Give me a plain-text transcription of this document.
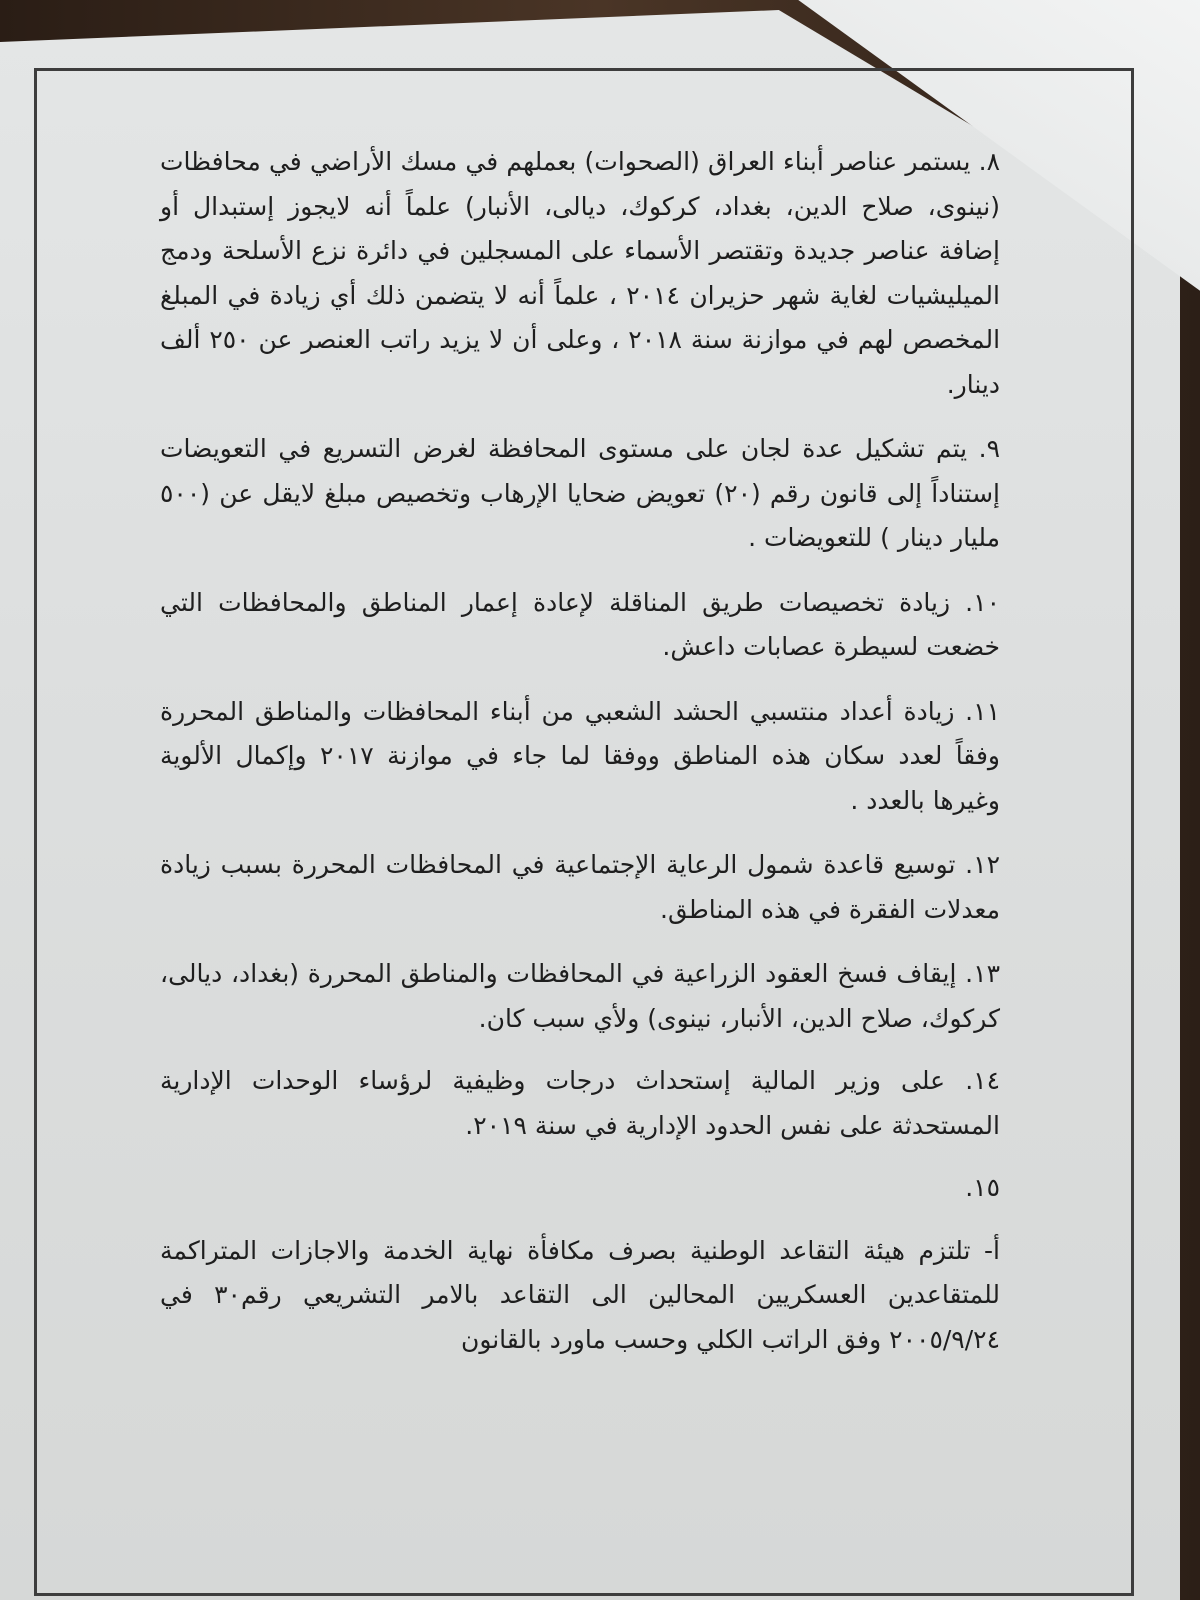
٨. يستمر عناصر أبناء العراق (الصحوات) بعملهم في مسك الأراضي في محافظات (نينوى، صلاح الدين، بغداد، كركوك، ديالى، الأنبار) علماً أنه لايجوز إستبدال أو إضافة عناصر جديدة وتقتصر الأسماء على المسجلين في دائرة نزع الأسلحة ودمج الميليشيات لغاية شهر حزيران ٢٠١٤ ، علماً أنه لا يتضمن ذلك أي زيادة في المبلغ المخصص لهم في موازنة سنة ٢٠١٨ ، وعلى أن لا يزيد راتب العنصر عن ٢٥٠ ألف دينار.

٩. يتم تشكيل عدة لجان على مستوى المحافظة لغرض التسريع في التعويضات إستناداً إلى قانون رقم (٢٠) تعويض ضحايا الإرهاب وتخصيص مبلغ لايقل عن (٥٠٠ مليار دينار ) للتعويضات .

١٠. زيادة تخصيصات طريق المناقلة لإعادة إعمار المناطق والمحافظات التي خضعت لسيطرة عصابات داعش.

١١. زيادة أعداد منتسبي الحشد الشعبي من أبناء المحافظات والمناطق المحررة وفقاً لعدد سكان هذه المناطق ووفقا لما جاء في موازنة ٢٠١٧ وإكمال الألوية وغيرها بالعدد .

١٢. توسيع قاعدة شمول الرعاية الإجتماعية في المحافظات المحررة بسبب زيادة معدلات الفقرة في هذه المناطق.

١٣. إيقاف فسخ العقود الزراعية في المحافظات والمناطق المحررة (بغداد، ديالى، كركوك، صلاح الدين، الأنبار، نينوى) ولأي سبب كان.

١٤. على وزير المالية إستحداث درجات وظيفية لرؤساء الوحدات الإدارية المستحدثة على نفس الحدود الإدارية في سنة ٢٠١٩.

١٥.

أ- تلتزم هيئة التقاعد الوطنية بصرف مكافأة نهاية الخدمة والاجازات المتراكمة للمتقاعدين العسكريين المحالين الى التقاعد بالامر التشريعي رقم٣٠ في ٢٠٠٥/٩/٢٤ وفق الراتب الكلي وحسب ماورد بالقانون
